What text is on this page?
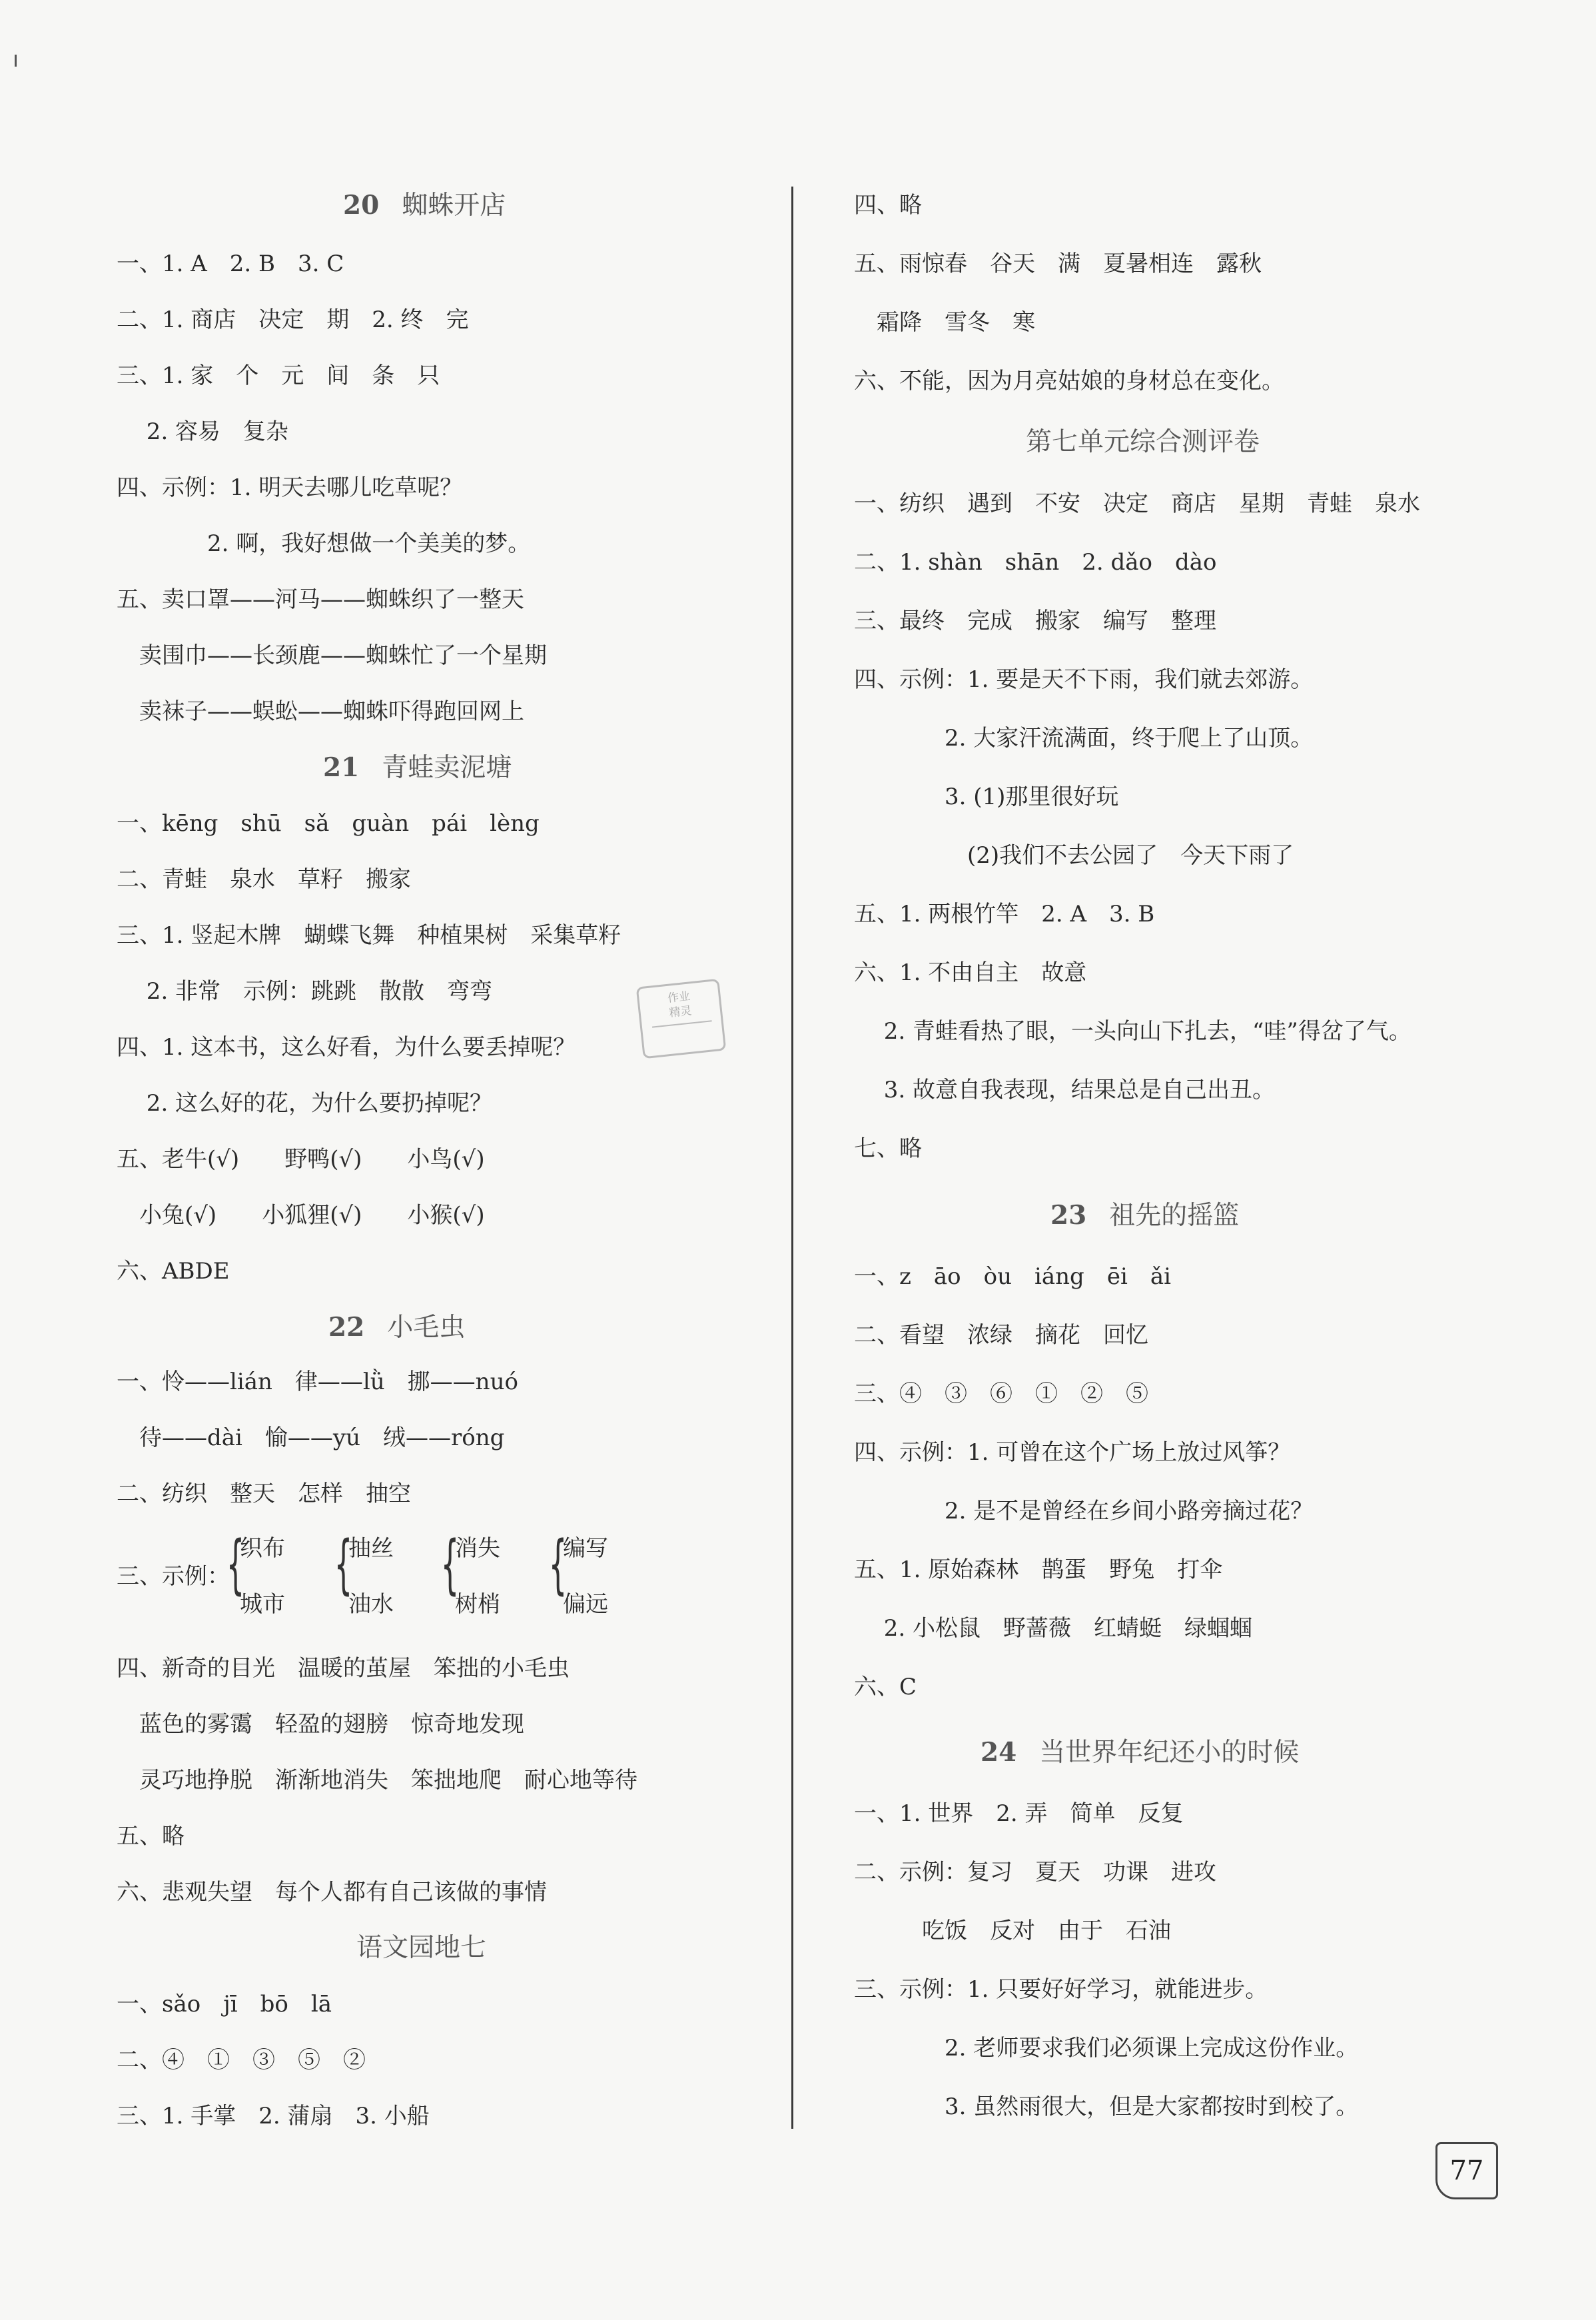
20 蜘蛛开店
一、1. A　2. B　3. C
二、1. 商店　决定　期　2. 终　完
三、1. 家　个　元　间　条　只
　 2. 容易　复杂
四、示例：1. 明天去哪儿吃草呢？
　　　　2. 啊，我好想做一个美美的梦。
五、卖口罩——河马——蜘蛛织了一整天
　卖围巾——长颈鹿——蜘蛛忙了一个星期
　卖袜子——蜈蚣——蜘蛛吓得跑回网上
21 青蛙卖泥塘
一、kēng　shū　sǎ　guàn　pái　lèng
二、青蛙　泉水　草籽　搬家
三、1. 竖起木牌　蝴蝶飞舞　种植果树　采集草籽
　 2. 非常　示例：跳跳　散散　弯弯
四、1. 这本书，这么好看，为什么要丢掉呢？
　 2. 这么好的花，为什么要扔掉呢？
五、老牛(√)　　野鸭(√)　　小鸟(√)
　小兔(√)　　小狐狸(√)　　小猴(√)
六、ABDE
22 小毛虫
一、怜——lián　律——lǜ　挪——nuó
　待——dài　愉——yú　绒——róng
二、纺织　整天　怎样　抽空
三、示例：
{
织布
城市
{
抽丝
油水
{
消失
树梢
{
编写
偏远
四、新奇的目光　温暖的茧屋　笨拙的小毛虫
　蓝色的雾霭　轻盈的翅膀　惊奇地发现
　灵巧地挣脱　渐渐地消失　笨拙地爬　耐心地等待
五、略
六、悲观失望　每个人都有自己该做的事情
语文园地七
一、sǎo　jī　bō　lā
二、④　①　③　⑤　②
三、1. 手掌　2. 蒲扇　3. 小船
四、略
五、雨惊春　谷天　满　夏暑相连　露秋
　霜降　雪冬　寒
六、不能，因为月亮姑娘的身材总在变化。
第七单元综合测评卷
一、纺织　遇到　不安　决定　商店　星期　青蛙　泉水
二、1. shàn　shān　2. dǎo　dào
三、最终　完成　搬家　编写　整理
四、示例：1. 要是天不下雨，我们就去郊游。
　　　　2. 大家汗流满面，终于爬上了山顶。
　　　　3. (1)那里很好玩
　　　　　(2)我们不去公园了　今天下雨了
五、1. 两根竹竿　2. A　3. B
六、1. 不由自主　故意
　 2. 青蛙看热了眼，一头向山下扎去，“哇”得岔了气。
　 3. 故意自我表现，结果总是自己出丑。
七、略
23 祖先的摇篮
一、z　āo　òu　iáng　ēi　ǎi
二、看望　浓绿　摘花　回忆
三、④　③　⑥　①　②　⑤
四、示例：1. 可曾在这个广场上放过风筝？
　　　　2. 是不是曾经在乡间小路旁摘过花？
五、1. 原始森林　鹊蛋　野兔　打伞
　 2. 小松鼠　野蔷薇　红蜻蜓　绿蝈蝈
六、C
24 当世界年纪还小的时候
一、1. 世界　2. 弄　简单　反复
二、示例：复习　夏天　功课　进攻
　　　吃饭　反对　由于　石油
三、示例：1. 只要好好学习，就能进步。
　　　　2. 老师要求我们必须课上完成这份作业。
　　　　3. 虽然雨很大，但是大家都按时到校了。
作业
精灵
77
